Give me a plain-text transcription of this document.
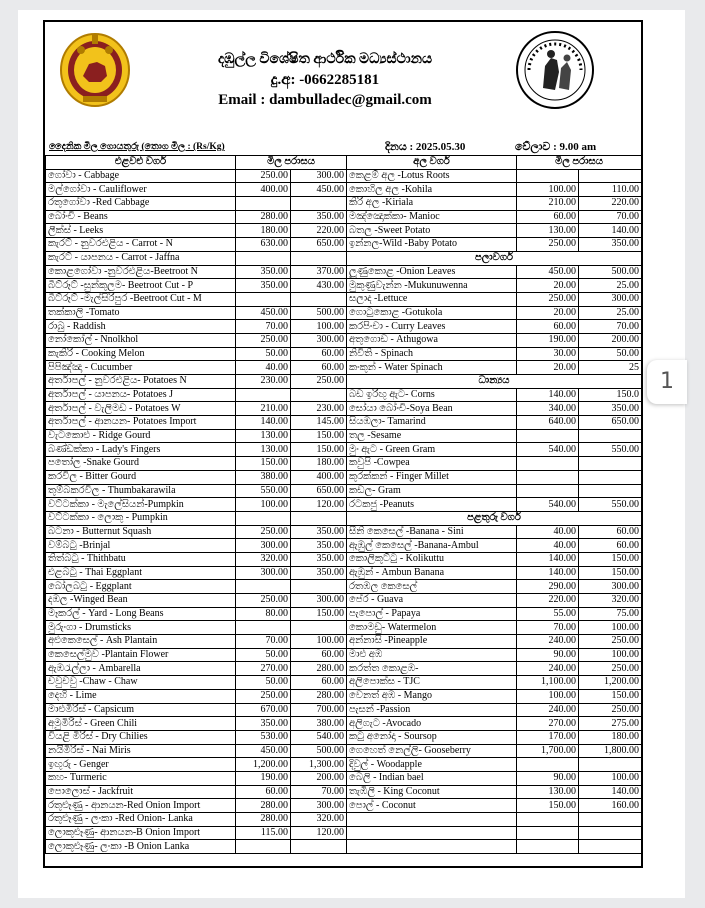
දඹුල්ල විශේෂිත ආර්ථික මධ්‍යස්ථානය
දු.අ: -0662285181
Email : dambulladec@gmail.com
දෛනික මිල ගොයතුරු (තොග මිල : (Rs/Kg)	දිනය : 2025.05.30	වේලාව : 9.00 am
එළවළු වර්ග	මිල පරාසය		අල වර්ග	මිල පරාසය	
ගෝවා - Cabbage	250.00	300.00	කෙළම් අල -Lotus Roots		
මල්ගෝවා - Cauliflower	400.00	450.00	කොහිල අල -Kohila	100.00	110.00
රතුගෝවා -Red Cabbage			කිරි අල -Kiriala	210.00	220.00
බෝංචි - Beans	280.00	350.00	මඤ්ඤොක්කා- Manioc	60.00	70.00
ලීක්ස් - Leeks	180.00	220.00	බතල -Sweet Potato	130.00	140.00
කැරට් - නුවරඑළිය - Carrot - N	630.00	650.00	ඉන්නල-Wild -Baby Potato	250.00	350.00
කැරට් - යාපනය - Carrot - Jaffna			පලාවර්ග		
කොළගෝවා -නුවරඑළිය-Beetroot N	350.00	370.00	ලූණුකොළ -Onion Leaves	450.00	500.00
බීට්රූට් -සුන්කුලම- Beetroot Cut - P	350.00	430.00	මුකුණුවැන්න -Mukunuwenna	20.00	25.00
බීට්රූට් -මැල්සිරිපුර -Beetroot Cut - M			සලාද -Lettuce	250.00	300.00
තක්කාලි -Tomato	450.00	500.00	ගොටුකොළ -Gotukola	20.00	25.00
රාබු - Raddish	70.00	100.00	කරපිංචා - Curry Leaves	60.00	70.00
නෝකෝල් - Nnolkhol	250.00	300.00	අතුගොඩ - Athugowa	190.00	200.00
කැකිරි - Cooking Melon	50.00	60.00	නිවිති - Spinach	30.00	50.00
පිපිඤ්ඤා - Cucumber	40.00	60.00	කංකුන් - Water Spinach	20.00	25
අර්තාපල් - නුවරඑළිය- Potatoes N	230.00	250.00	ධාන්‍යය		
අර්තාපල් - යාපනය- Potatoes J			බඩ ඉරිඟු ඇට- Corns	140.00	150.0
අර්තාපල් - වැලිමඩ - Potatoes W	210.00	230.00	සෝයා බෝංචි-Soya Bean	340.00	350.00
අර්තාපල් - ආනයන- Potatoes Import	140.00	145.00	සියඹලා- Tamarind	640.00	650.00
වැටකොළු - Ridge Gourd	130.00	150.00	තල -Sesame		
බණ්ඩක්කා - Lady's Fingers	130.00	150.00	මුං ඇට - Green Gram	540.00	550.00
පතෝල -Snake Gourd	150.00	180.00	කවුපි -Cowpea		
කරවිල - Bitter Gourd	380.00	400.00	කුරක්කන් - Finger Millet		
තුම්බකරවිල - Thumbakarawila	550.00	650.00	කඩල- Gram		
වට්ටක්කා - මැලේසියන්-Pumpkin	100.00	120.00	රටකජු -Peanuts	540.00	550.00
වට්ටක්කා - ලොකු - Pumpkin			පළතුරු වර්ග		
බටනා - Butternut Squash	250.00	350.00	සීනි කෙසෙල් -Banana - Sini	40.00	60.00
වම්බටු -Brinjal	300.00	350.00	ඇඹුල් කෙසෙල් -Banana-Ambul	40.00	60.00
තිත්බටු - Thithbatu	320.00	350.00	කොලිකුට්ටු - Kolikuttu	140.00	150.00
එළබටු - Thai Eggplant	300.00	350.00	ඇඹුන් - Ambun Banana	140.00	150.00
බෝලබටු - Eggplant			රතඹල කෙසෙල්	290.00	300.00
දඹල -Winged Bean	250.00	300.00	පේර - Guava	220.00	320.00
මෑකරල් - Yard - Long Beans	80.00	150.00	පැපොල් - Papaya	55.00	75.00
මුරුංගා - Drumsticks			කොමඩු- Watermelon	70.00	100.00
අළුකෙසෙල් - Ash Plantain	70.00	100.00	අන්නාසි -Pineapple	240.00	250.00
කෙසෙල්මුව -Plantain Flower	50.00	60.00	මාළු අඹ	90.00	100.00
ඇඹරැල්ලා - Ambarella	270.00	280.00	කරත්ත කොළඹ-	240.00	250.00
චවුචවු -Chaw - Chaw	50.00	60.00	අලිපොක්ස - TJC	1,100.00	1,200.00
දෙහි - Lime	250.00	280.00	වෙනත් අඹ - Mango	100.00	150.00
මාළුමිරිස් - Capsicum	670.00	700.00	පැසන් -Passion	240.00	250.00
අමුමිරිස් - Green Chili	350.00	380.00	අලිගැට -Avocado	270.00	275.00
වියළි මිරිස් - Dry Chilies	530.00	540.00	කටු අනෝදා - Soursop	170.00	180.00
නයිමිරිස් - Nai Miris	450.00	500.00	ගෙහෙත් නෙල්ලි- Gooseberry	1,700.00	1,800.00
ඉඟුරු - Genger	1,200.00	1,300.00	දිවුල් - Woodapple		
කහ- Turmeric	190.00	200.00	බෙලි - Indian bael	90.00	100.00
පොලොස් - Jackfruit	60.00	70.00	තැඹිලි - King Coconut	130.00	140.00
රතුළූණු - ආනයන-Red Onion Import	280.00	300.00	පොල් - Coconut	150.00	160.00
රතුළූණු - ලංකා -Red Onion- Lanka	280.00	320.00			
ලොකුළූණු- ආනයන-B Onion Import	115.00	120.00			
ලොකුළූණු- ලංකා -B Onion Lanka					
1
